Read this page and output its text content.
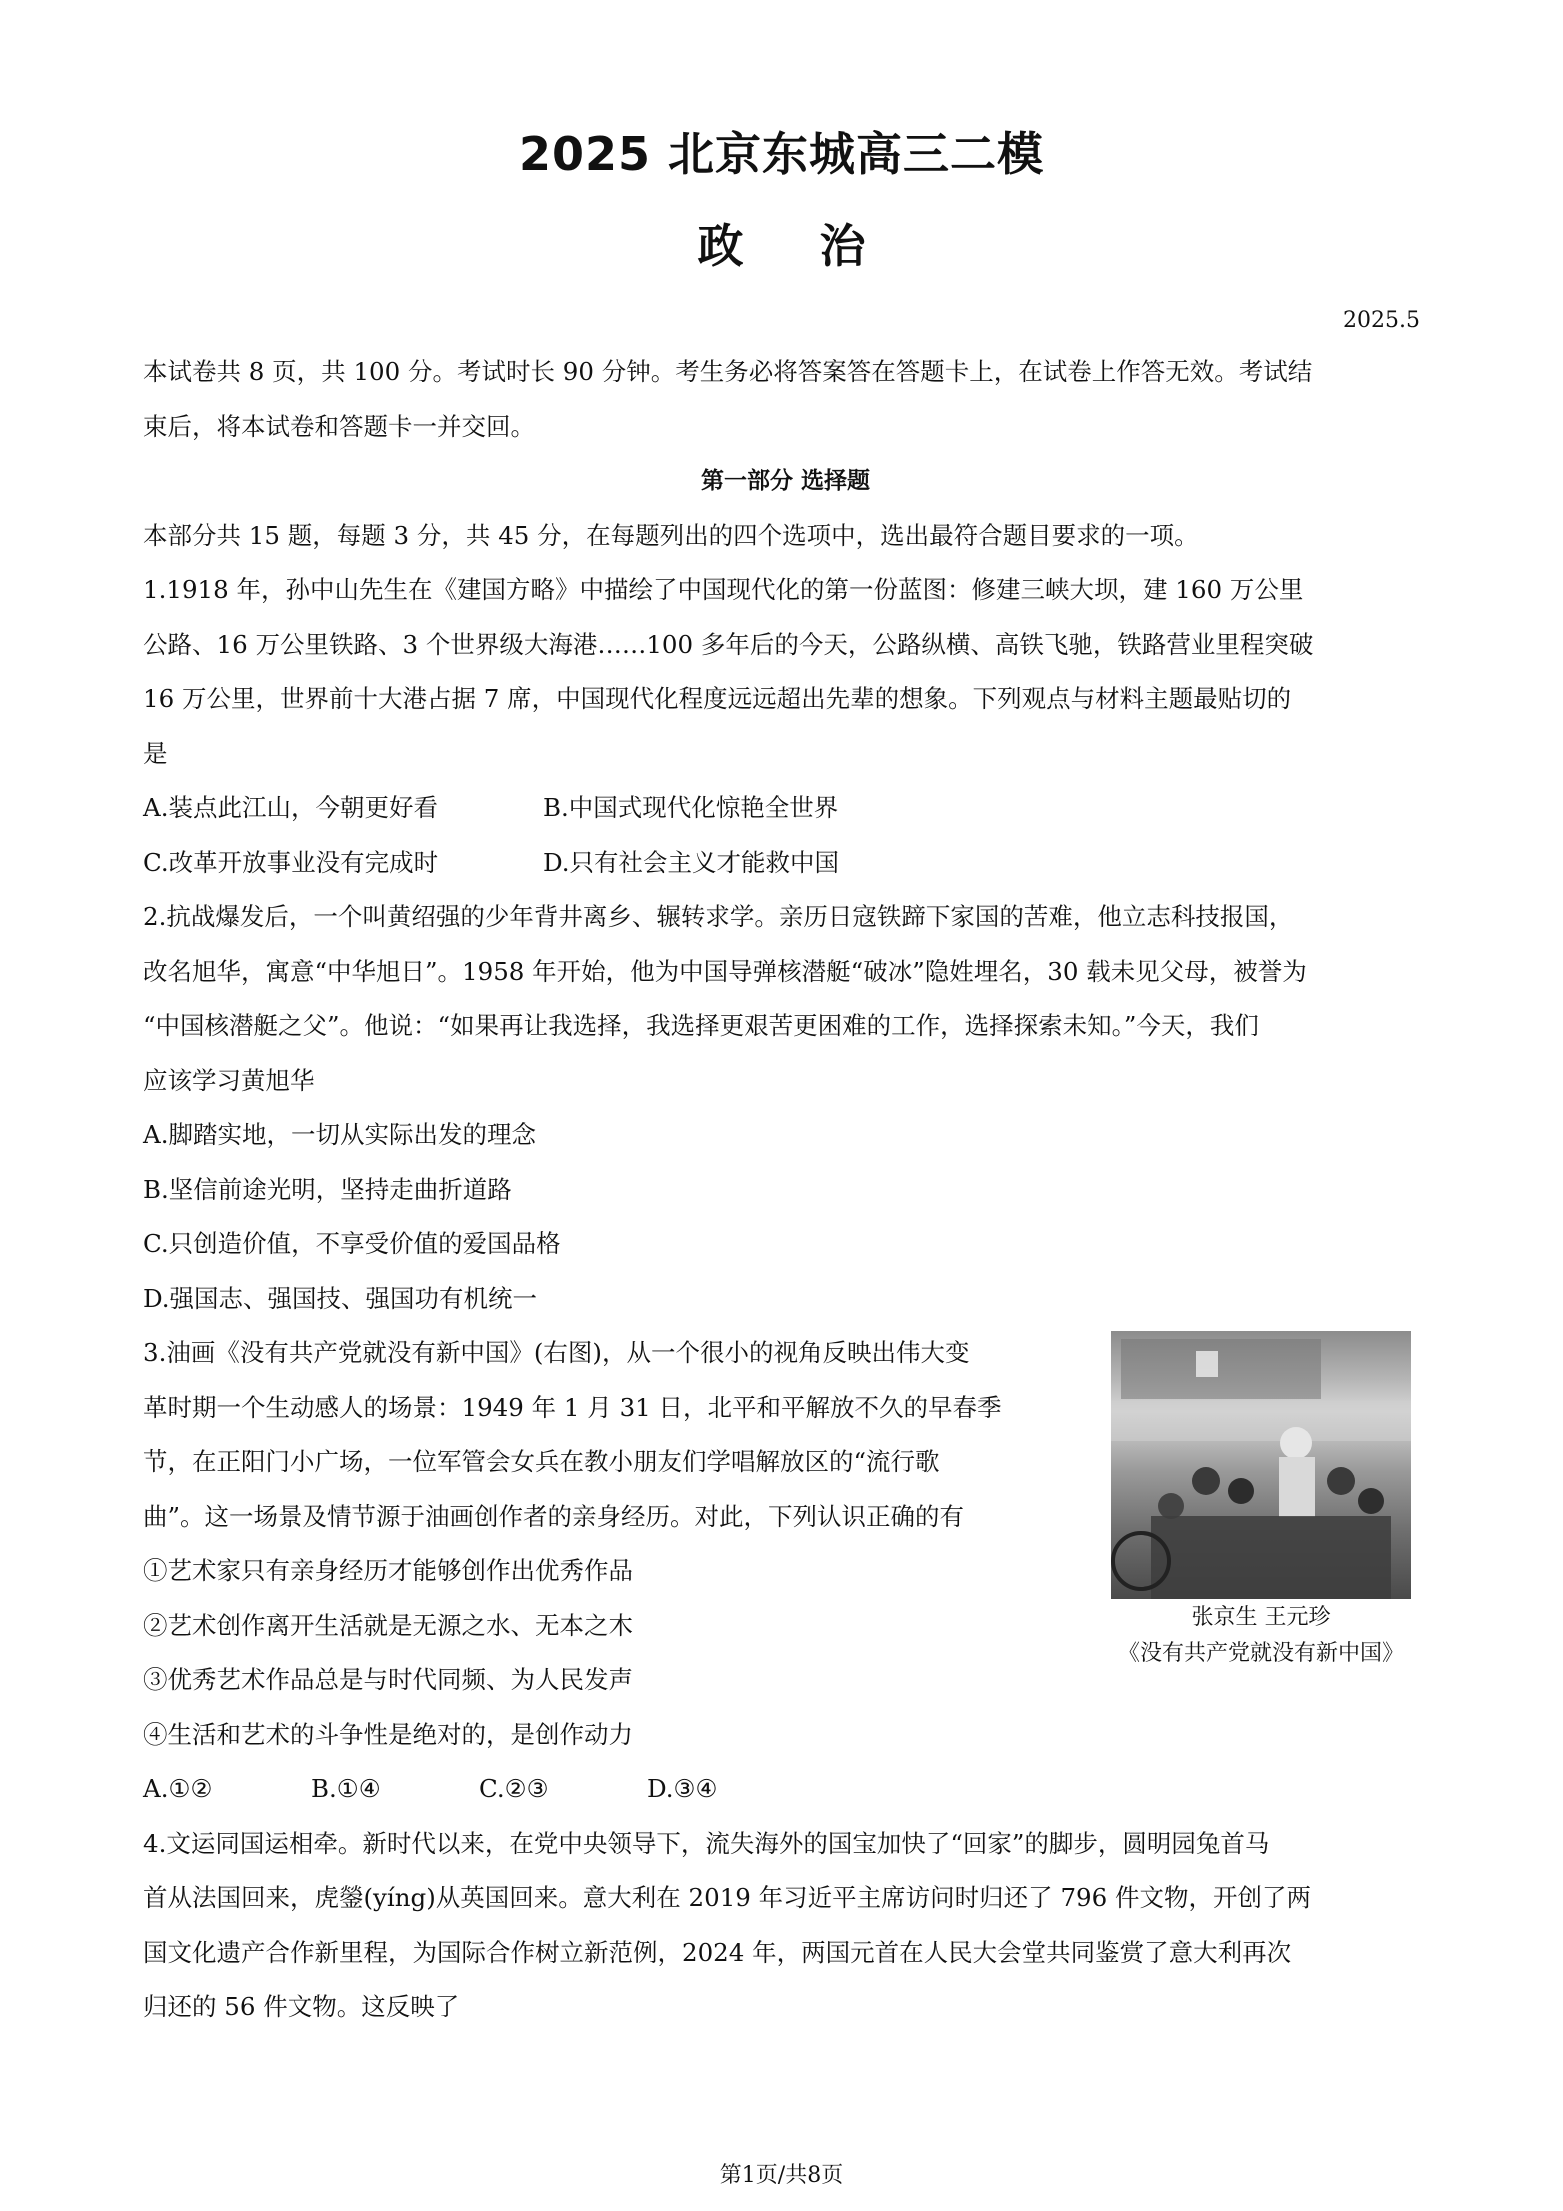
2025 北京东城高三二模
政 治
2025.5

本试卷共 8 页，共 100 分。考试时长 90 分钟。考生务必将答案答在答题卡上，在试卷上作答无效。考试结

束后，将本试卷和答题卡一并交回。

第一部分 选择题

本部分共 15 题，每题 3 分，共 45 分，在每题列出的四个选项中，选出最符合题目要求的一项。

1.1918 年，孙中山先生在《建国方略》中描绘了中国现代化的第一份蓝图：修建三峡大坝，建 160 万公里

公路、16 万公里铁路、3 个世界级大海港……100 多年后的今天，公路纵横、高铁飞驰，铁路营业里程突破

16 万公里，世界前十大港占据 7 席，中国现代化程度远远超出先辈的想象。下列观点与材料主题最贴切的

是

A.装点此江山，今朝更好看	B.中国式现代化惊艳全世界
C.改革开放事业没有完成时	D.只有社会主义才能救中国

2.抗战爆发后，一个叫黄绍强的少年背井离乡、辗转求学。亲历日寇铁蹄下家国的苦难，他立志科技报国，

改名旭华，寓意“中华旭日”。1958 年开始，他为中国导弹核潜艇“破冰”隐姓埋名，30 载未见父母，被誉为

“中国核潜艇之父”。他说：“如果再让我选择，我选择更艰苦更困难的工作，选择探索未知。”今天，我们

应该学习黄旭华

A.脚踏实地，一切从实际出发的理念

B.坚信前途光明，坚持走曲折道路

C.只创造价值，不享受价值的爱国品格

D.强国志、强国技、强国功有机统一

3.油画《没有共产党就没有新中国》(右图)，从一个很小的视角反映出伟大变

革时期一个生动感人的场景：1949 年 1 月 31 日，北平和平解放不久的早春季

节，在正阳门小广场，一位军管会女兵在教小朋友们学唱解放区的“流行歌

曲”。这一场景及情节源于油画创作者的亲身经历。对此，下列认识正确的有

①艺术家只有亲身经历才能够创作出优秀作品

②艺术创作离开生活就是无源之水、无本之木

③优秀艺术作品总是与时代同频、为人民发声

④生活和艺术的斗争性是绝对的，是创作动力

A.①②	B.①④	C.②③	D.③④
张京生 王元珍
《没有共产党就没有新中国》

4.文运同国运相牵。新时代以来，在党中央领导下，流失海外的国宝加快了“回家”的脚步，圆明园兔首马

首从法国回来，虎鎣(yíng)从英国回来。意大利在 2019 年习近平主席访问时归还了 796 件文物，开创了两

国文化遗产合作新里程，为国际合作树立新范例，2024 年，两国元首在人民大会堂共同鉴赏了意大利再次

归还的 56 件文物。这反映了

第1页/共8页
